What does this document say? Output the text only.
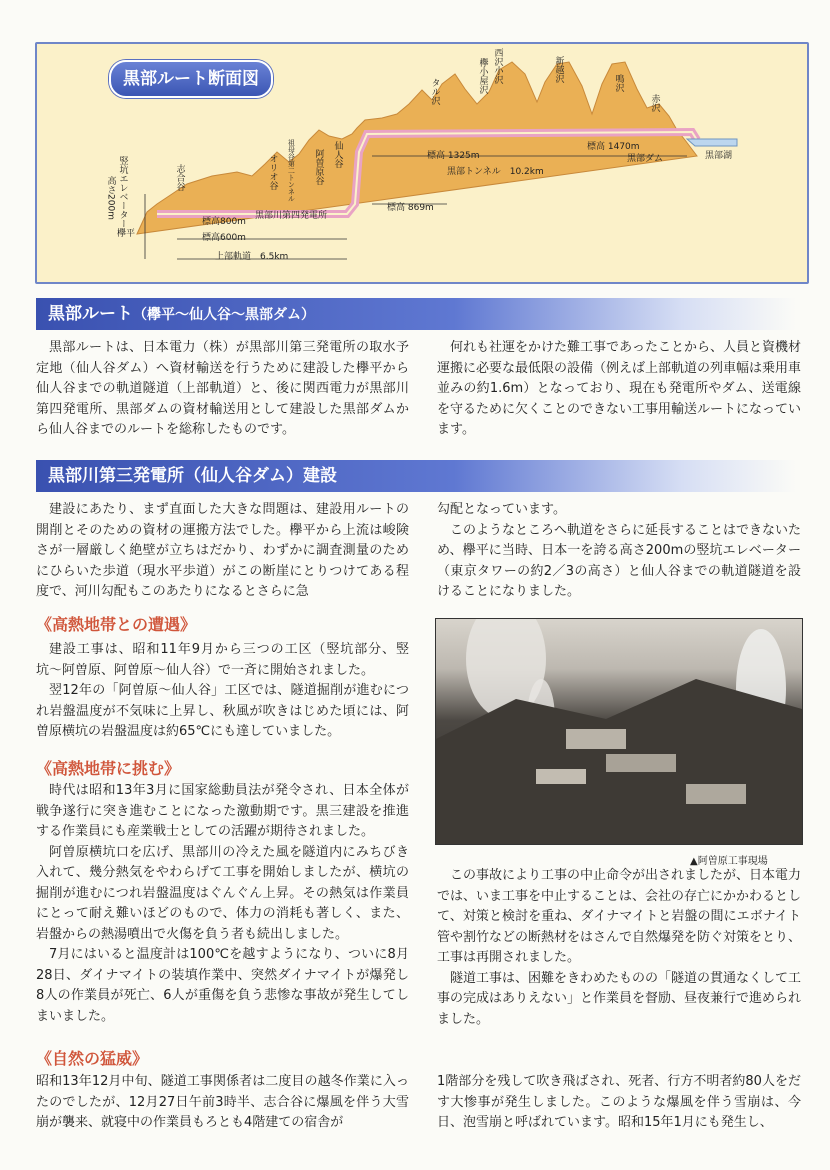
黒部ルート断面図
欅平
竪坑エレベーター
高さ200m	志合谷	オリオ谷 祖母谷第二トンネル 阿曽原谷 仙人谷
タル沢	欅小屋沢 西沢小沢	新越沢	鳴沢
赤沢
黒部川第四発電所
標高800m
標高600m
上部軌道　6.5km
標高 1325m
黒部トンネル　10.2km
標高 869m
標高 1470m
黒部ダム	黒部湖
黒部ルート（欅平〜仙人谷〜黒部ダム）

黒部ルートは、日本電力（株）が黒部川第三発電所の取水予定地（仙人谷ダム）へ資材輸送を行うために建設した欅平から仙人谷までの軌道隧道（上部軌道）と、後に関西電力が黒部川第四発電所、黒部ダムの資材輸送用として建設した黒部ダムから仙人谷までのルートを総称したものです。

何れも社運をかけた難工事であったことから、人員と資機材運搬に必要な最低限の設備（例えば上部軌道の列車幅は乗用車並みの約1.6m）となっており、現在も発電所やダム、送電線を守るために欠くことのできない工事用輸送ルートになっています。

黒部川第三発電所（仙人谷ダム）建設

建設にあたり、まず直面した大きな問題は、建設用ルートの開削とそのための資材の運搬方法でした。欅平から上流は峻険さが一層厳しく絶壁が立ちはだかり、わずかに調査測量のためにひらいた歩道（現水平歩道）がこの断崖にとりつけてある程度で、河川勾配もこのあたりになるとさらに急

《高熱地帯との遭遇》

建設工事は、昭和11年9月から三つの工区（竪坑部分、竪坑〜阿曽原、阿曽原〜仙人谷）で一斉に開始されました。

翌12年の「阿曽原〜仙人谷」工区では、隧道掘削が進むにつれ岩盤温度が不気味に上昇し、秋風が吹きはじめた頃には、阿曽原横坑の岩盤温度は約65℃にも達していました。

《高熱地帯に挑む》

時代は昭和13年3月に国家総動員法が発令され、日本全体が戦争遂行に突き進むことになった激動期です。黒三建設を推進する作業員にも産業戦士としての活躍が期待されました。

阿曽原横坑口を広げ、黒部川の冷えた風を隧道内にみちびき入れて、幾分熱気をやわらげて工事を開始しましたが、横坑の掘削が進むにつれ岩盤温度はぐんぐん上昇。その熱気は作業員にとって耐え難いほどのもので、体力の消耗も著しく、また、岩盤からの熱湯噴出で火傷を負う者も続出しました。

7月にはいると温度計は100℃を越すようになり、ついに8月28日、ダイナマイトの装填作業中、突然ダイナマイトが爆発し8人の作業員が死亡、6人が重傷を負う悲惨な事故が発生してしまいました。

《自然の猛威》

昭和13年12月中旬、隧道工事関係者は二度目の越冬作業に入ったのでしたが、12月27日午前3時半、志合谷に爆風を伴う大雪崩が襲来、就寝中の作業員もろとも4階建ての宿舎が

勾配となっています。

このようなところへ軌道をさらに延長することはできないため、欅平に当時、日本一を誇る高さ200mの竪坑エレベーター（東京タワーの約2／3の高さ）と仙人谷までの軌道隧道を設けることになりました。

▲阿曽原工事現場

この事故により工事の中止命令が出されましたが、日本電力では、いま工事を中止することは、会社の存亡にかかわるとして、対策と検討を重ね、ダイナマイトと岩盤の間にエボナイト管や割竹などの断熱材をはさんで自然爆発を防ぐ対策をとり、工事は再開されました。

隧道工事は、困難をきわめたものの「隧道の貫通なくして工事の完成はありえない」と作業員を督励、昼夜兼行で進められました。

1階部分を残して吹き飛ばされ、死者、行方不明者約80人をだす大惨事が発生しました。このような爆風を伴う雪崩は、今日、泡雪崩と呼ばれています。昭和15年1月にも発生し、
